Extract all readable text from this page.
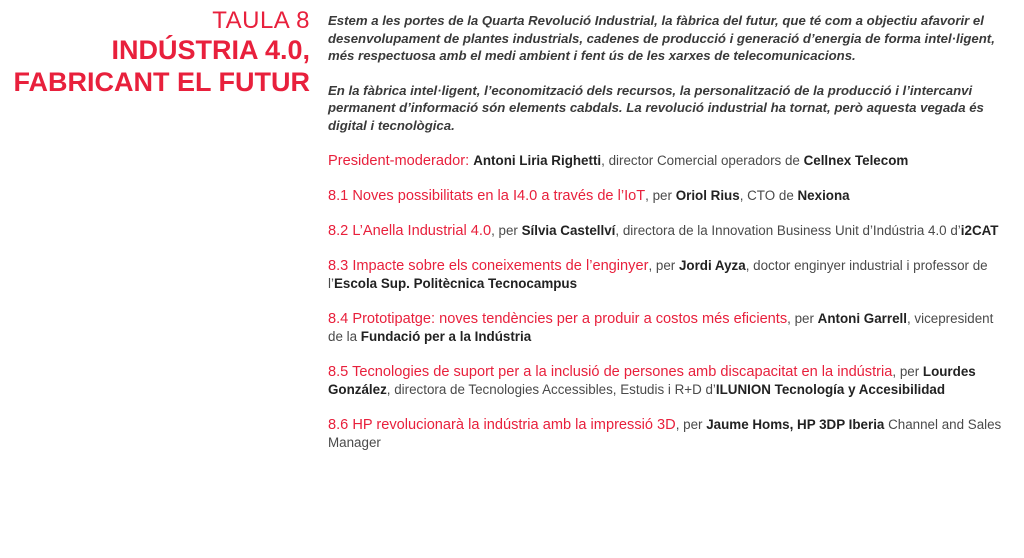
TAULA 8
INDÚSTRIA 4.0,
FABRICANT EL FUTUR

Estem a les portes de la Quarta Revolució Industrial, la fàbrica del futur, que té com a objectiu afavorir el desenvolupament de plantes industrials, cadenes de producció i generació d’energia de forma intel·ligent, més respectuosa amb el medi ambient i fent ús de les xarxes de telecomunicacions.

En la fàbrica intel·ligent, l’economització dels recursos, la personalització de la producció i l’intercanvi permanent d’informació són elements cabdals. La revolució industrial ha tornat, però aquesta vegada és digital i tecnològica.

President-moderador: Antoni Liria Righetti, director Comercial operadors de Cellnex Telecom

8.1 Noves possibilitats en la I4.0 a través de l’IoT, per Oriol Rius, CTO de Nexiona

8.2 L’Anella Industrial 4.0, per Sílvia Castellví, directora de la Innovation Business Unit d’Indústria 4.0 d’i2CAT

8.3 Impacte sobre els coneixements de l’enginyer, per Jordi Ayza, doctor enginyer industrial i professor de l’Escola Sup. Politècnica Tecnocampus

8.4 Prototipatge: noves tendències per a produir a costos més eficients, per Antoni Garrell, vicepresident de la Fundació per a la Indústria

8.5 Tecnologies de suport per a la inclusió de persones amb discapacitat en la indústria, per Lourdes González, directora de Tecnologies Accessibles, Estudis i R+D d’ILUNION Tecnología y Accesibilidad

8.6 HP revolucionarà la indústria amb la impressió 3D, per Jaume Homs, HP 3DP Iberia Channel and Sales Manager
